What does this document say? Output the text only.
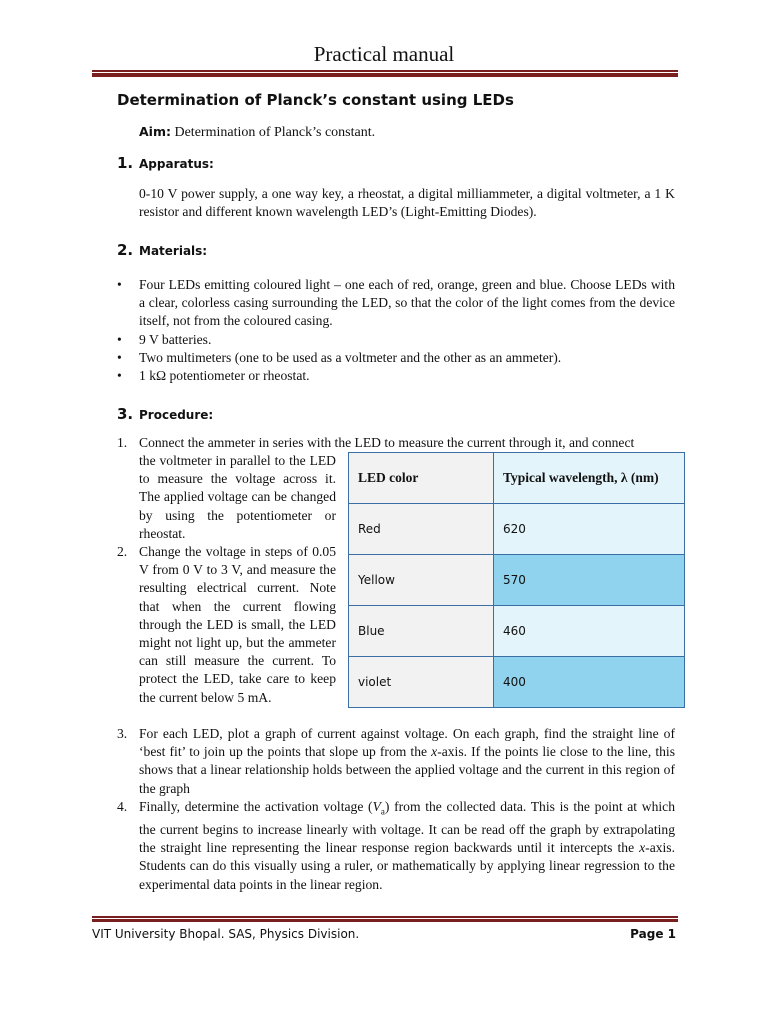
Practical manual
Determination of Planck’s constant using LEDs
Aim: Determination of Planck’s constant.
1. Apparatus:
0-10 V power supply, a one way key, a rheostat, a digital milliammeter, a digital voltmeter, a 1 K resistor and different known wavelength LED’s (Light-Emitting Diodes).
2. Materials:
• Four LEDs emitting coloured light – one each of red, orange, green and blue. Choose LEDs with a clear, colorless casing surrounding the LED, so that the color of the light comes from the device itself, not from the coloured casing.
• 9 V batteries.
• Two multimeters (one to be used as a voltmeter and the other as an ammeter).
• 1 kΩ potentiometer or rheostat.
3. Procedure:
1. Connect the ammeter in series with the LED to measure the current through it, and connect
the voltmeter in parallel to the LED to measure the voltage across it. The applied voltage can be changed by using the potentiometer or rheostat.
2. Change the voltage in steps of 0.05 V from 0 V to 3 V, and measure the resulting electrical current. Note that when the current flowing through the LED is small, the LED might not light up, but the ammeter can still measure the current. To protect the LED, take care to keep the current below 5 mA.
LED color	Typical wavelength, λ (nm)
Red	620
Yellow	570
Blue	460
violet	400
3. For each LED, plot a graph of current against voltage. On each graph, find the straight line of ‘best fit’ to join up the points that slope up from the x-axis. If the points lie close to the line, this shows that a linear relationship holds between the applied voltage and the current in this region of the graph
4. Finally, determine the activation voltage $(V_a)$ from the collected data. This is the point at which the current begins to increase linearly with voltage. It can be read off the graph by extrapolating the straight line representing the linear response region backwards until it intercepts the x-axis. Students can do this visually using a ruler, or mathematically by applying linear regression to the experimental data points in the linear region.
VIT University Bhopal. SAS, Physics Division.	Page 1
